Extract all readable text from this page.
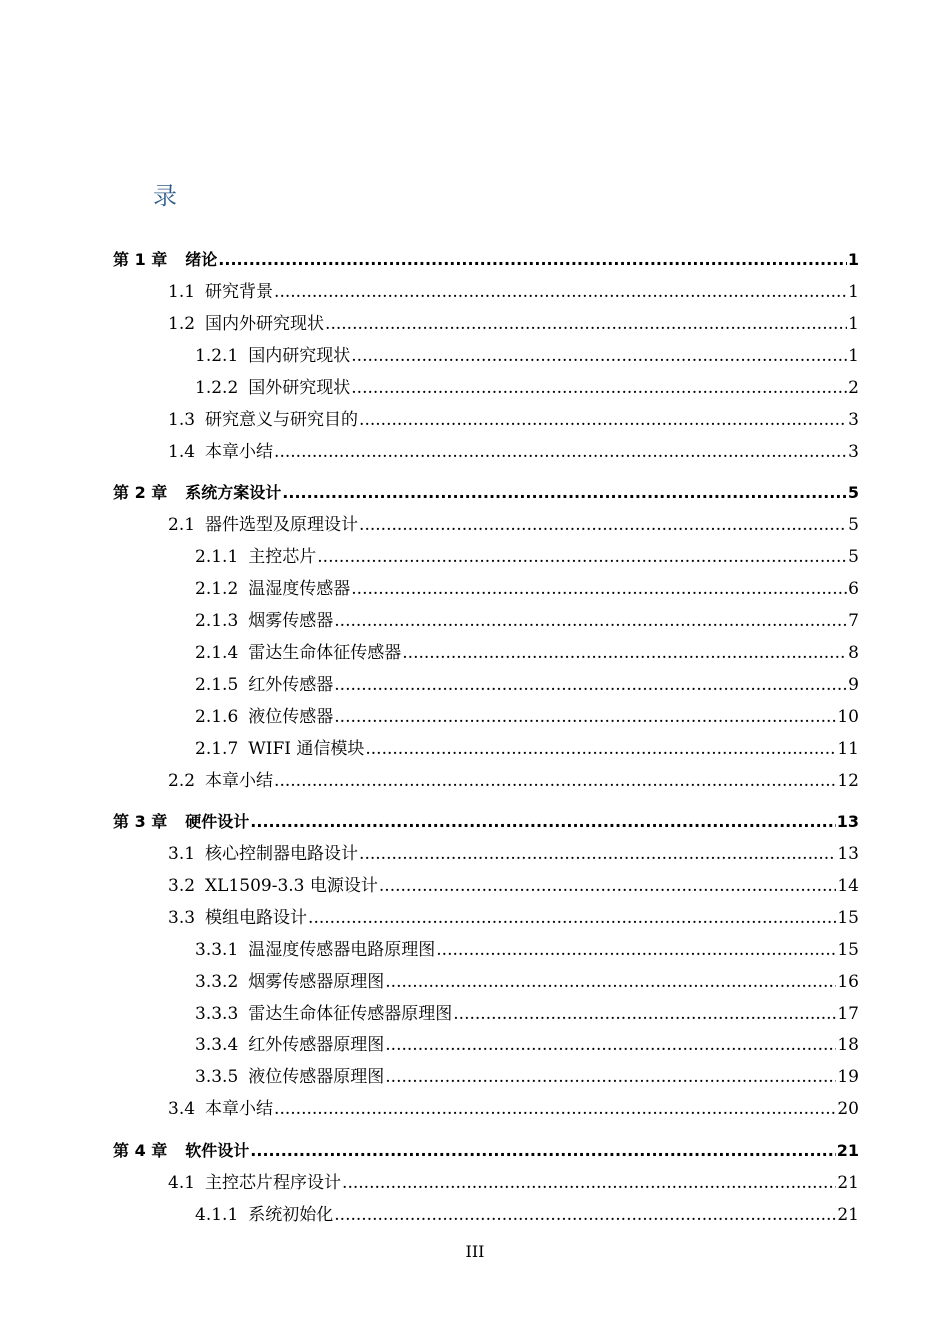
录
第 1 章 绪论 .....	1
1.1 研究背景 .....	1
1.2 国内外研究现状 .....	1
1.2.1 国内研究现状 .....	1
1.2.2 国外研究现状 .....	2
1.3 研究意义与研究目的 .....	3
1.4 本章小结 .....	3
第 2 章 系统方案设计 .....	5
2.1 器件选型及原理设计 .....	5
2.1.1 主控芯片 .....	5
2.1.2 温湿度传感器 .....	6
2.1.3 烟雾传感器 .....	7
2.1.4 雷达生命体征传感器 .....	8
2.1.5 红外传感器 .....	9
2.1.6 液位传感器 .....	10
2.1.7 WIFI 通信模块 .....	11
2.2 本章小结 .....	12
第 3 章 硬件设计 .....	13
3.1 核心控制器电路设计 .....	13
3.2 XL1509-3.3 电源设计 .....	14
3.3 模组电路设计 .....	15
3.3.1 温湿度传感器电路原理图 .....	15
3.3.2 烟雾传感器原理图 .....	16
3.3.3 雷达生命体征传感器原理图 .....	17
3.3.4 红外传感器原理图 .....	18
3.3.5 液位传感器原理图 .....	19
3.4 本章小结 .....	20
第 4 章 软件设计 .....	21
4.1 主控芯片程序设计 .....	21
4.1.1 系统初始化 .....	21
III
